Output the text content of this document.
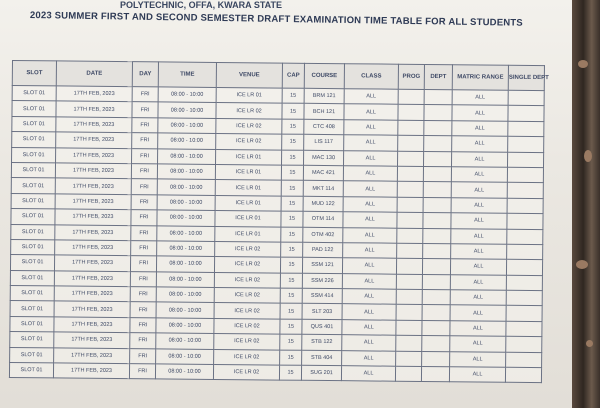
POLYTECHNIC, OFFA, KWARA STATE
2023 SUMMER FIRST AND SECOND SEMESTER DRAFT EXAMINATION TIME TABLE FOR ALL STUDENTS
SLOT	DATE	DAY	TIME	VENUE	CAP	COURSE	CLASS	PROG	DEPT	MATRIC RANGE	SINGLE DEPT
SLOT 01	17TH FEB, 2023	FRI	08:00 - 10:00	ICE LR 01	15	BRM 121	ALL			ALL	
SLOT 01	17TH FEB, 2023	FRI	08:00 - 10:00	ICE LR 02	15	BCH 121	ALL			ALL	
SLOT 01	17TH FEB, 2023	FRI	08:00 - 10:00	ICE LR 02	15	CTC 408	ALL			ALL	
SLOT 01	17TH FEB, 2023	FRI	08:00 - 10:00	ICE LR 02	15	LIS 117	ALL			ALL	
SLOT 01	17TH FEB, 2023	FRI	08:00 - 10:00	ICE LR 01	15	MAC 130	ALL			ALL	
SLOT 01	17TH FEB, 2023	FRI	08:00 - 10:00	ICE LR 01	15	MAC 421	ALL			ALL	
SLOT 01	17TH FEB, 2023	FRI	08:00 - 10:00	ICE LR 01	15	MKT 114	ALL			ALL	
SLOT 01	17TH FEB, 2023	FRI	08:00 - 10:00	ICE LR 01	15	MUD 122	ALL			ALL	
SLOT 01	17TH FEB, 2023	FRI	08:00 - 10:00	ICE LR 01	15	OTM 114	ALL			ALL	
SLOT 01	17TH FEB, 2023	FRI	08:00 - 10:00	ICE LR 01	15	OTM 402	ALL			ALL	
SLOT 01	17TH FEB, 2023	FRI	08:00 - 10:00	ICE LR 02	15	PAD 122	ALL			ALL	
SLOT 01	17TH FEB, 2023	FRI	08:00 - 10:00	ICE LR 02	15	SSM 121	ALL			ALL	
SLOT 01	17TH FEB, 2023	FRI	08:00 - 10:00	ICE LR 02	15	SSM 226	ALL			ALL	
SLOT 01	17TH FEB, 2023	FRI	08:00 - 10:00	ICE LR 02	15	SSM 414	ALL			ALL	
SLOT 01	17TH FEB, 2023	FRI	08:00 - 10:00	ICE LR 02	15	SLT 203	ALL			ALL	
SLOT 01	17TH FEB, 2023	FRI	08:00 - 10:00	ICE LR 02	15	QUS 401	ALL			ALL	
SLOT 01	17TH FEB, 2023	FRI	08:00 - 10:00	ICE LR 02	15	STB 122	ALL			ALL	
SLOT 01	17TH FEB, 2023	FRI	08:00 - 10:00	ICE LR 02	15	STB 404	ALL			ALL	
SLOT 01	17TH FEB, 2023	FRI	08:00 - 10:00	ICE LR 02	15	SUG 201	ALL			ALL	
